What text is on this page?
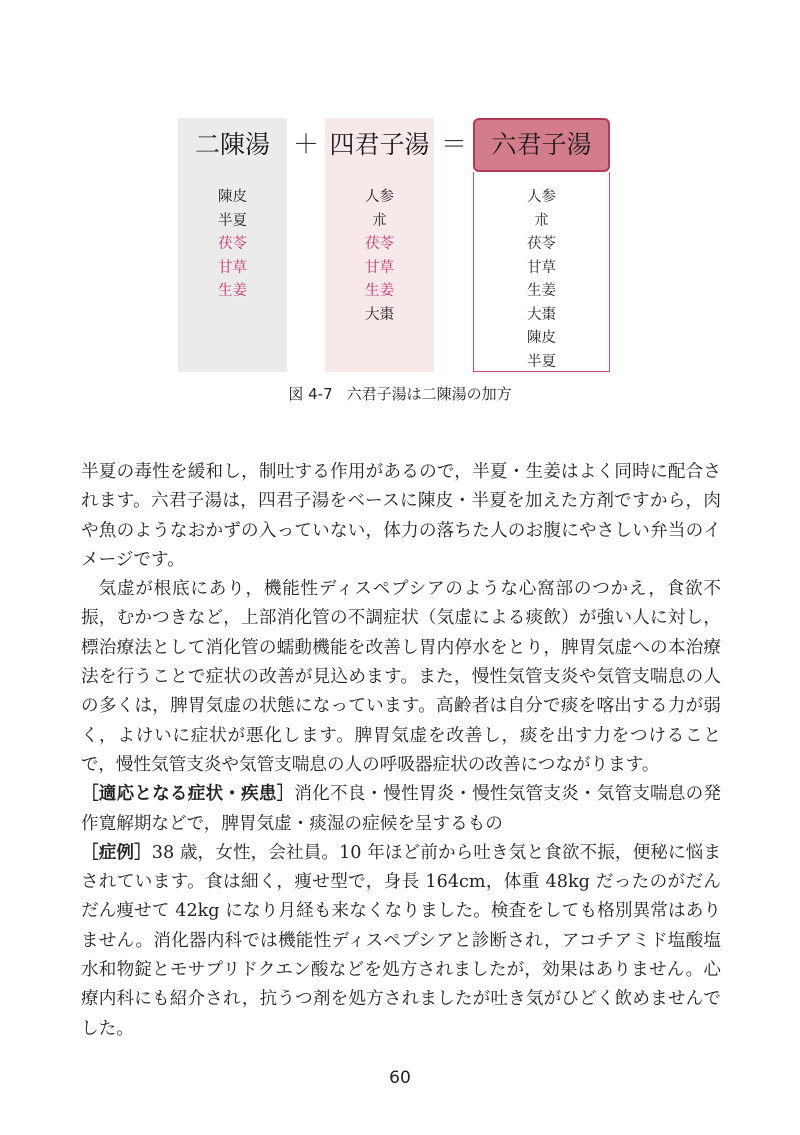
二陳湯
陳皮
半夏
茯苓
甘草
生姜
＋ 四君子湯
人参
朮
茯苓
甘草
生姜
大棗
＝ 六君子湯
人参
朮
茯苓
甘草
生姜
大棗
陳皮
半夏
図 4-7 六君子湯は二陳湯の加方

半夏の毒性を緩和し，制吐する作用があるので，半夏・生姜はよく同時に配合されます。六君子湯は，四君子湯をベースに陳皮・半夏を加えた方剤ですから，肉や魚のようなおかずの入っていない，体力の落ちた人のお腹にやさしい弁当のイメージです。

気虚が根底にあり，機能性ディスペプシアのような心窩部のつかえ，食欲不振，むかつきなど，上部消化管の不調症状（気虚による痰飲）が強い人に対し，標治療法として消化管の蠕動機能を改善し胃内停水をとり，脾胃気虚への本治療法を行うことで症状の改善が見込めます。また，慢性気管支炎や気管支喘息の人の多くは，脾胃気虚の状態になっています。高齢者は自分で痰を喀出する力が弱く，よけいに症状が悪化します。脾胃気虚を改善し，痰を出す力をつけることで，慢性気管支炎や気管支喘息の人の呼吸器症状の改善につながります。

［適応となる症状・疾患］消化不良・慢性胃炎・慢性気管支炎・気管支喘息の発作寛解期などで，脾胃気虚・痰湿の症候を呈するもの

［症例］38 歳，女性，会社員。10 年ほど前から吐き気と食欲不振，便秘に悩まされています。食は細く，痩せ型で，身長 164cm，体重 48kg だったのがだんだん痩せて 42kg になり月経も来なくなりました。検査をしても格別異常はありません。消化器内科では機能性ディスペプシアと診断され，アコチアミド塩酸塩水和物錠とモサプリドクエン酸などを処方されましたが，効果はありません。心療内科にも紹介され，抗うつ剤を処方されましたが吐き気がひどく飲めませんでした。

60
